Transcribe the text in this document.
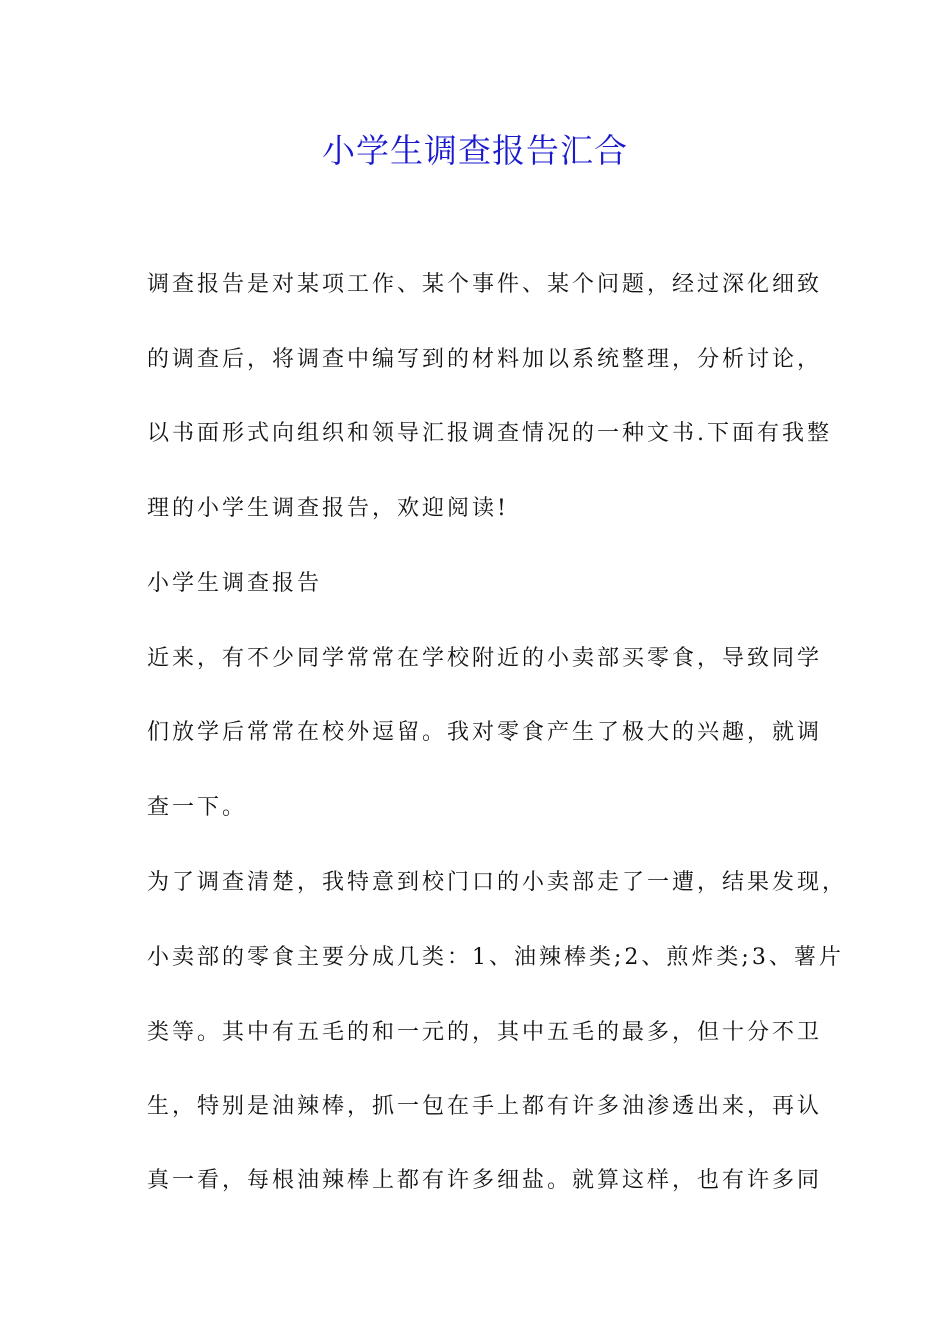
小学生调查报告汇合

调查报告是对某项工作、某个事件、某个问题，经过深化细致

的调查后，将调查中编写到的材料加以系统整理，分析讨论，

以书面形式向组织和领导汇报调查情况的一种文书.下面有我整

理的小学生调查报告，欢迎阅读!

小学生调查报告

近来，有不少同学常常在学校附近的小卖部买零食，导致同学

们放学后常常在校外逗留。我对零食产生了极大的兴趣，就调

查一下。

为了调查清楚，我特意到校门口的小卖部走了一遭，结果发现，

小卖部的零食主要分成几类：1、油辣棒类;2、煎炸类;3、薯片

类等。其中有五毛的和一元的，其中五毛的最多，但十分不卫

生，特别是油辣棒，抓一包在手上都有许多油渗透出来，再认

真一看，每根油辣棒上都有许多细盐。就算这样，也有许多同
